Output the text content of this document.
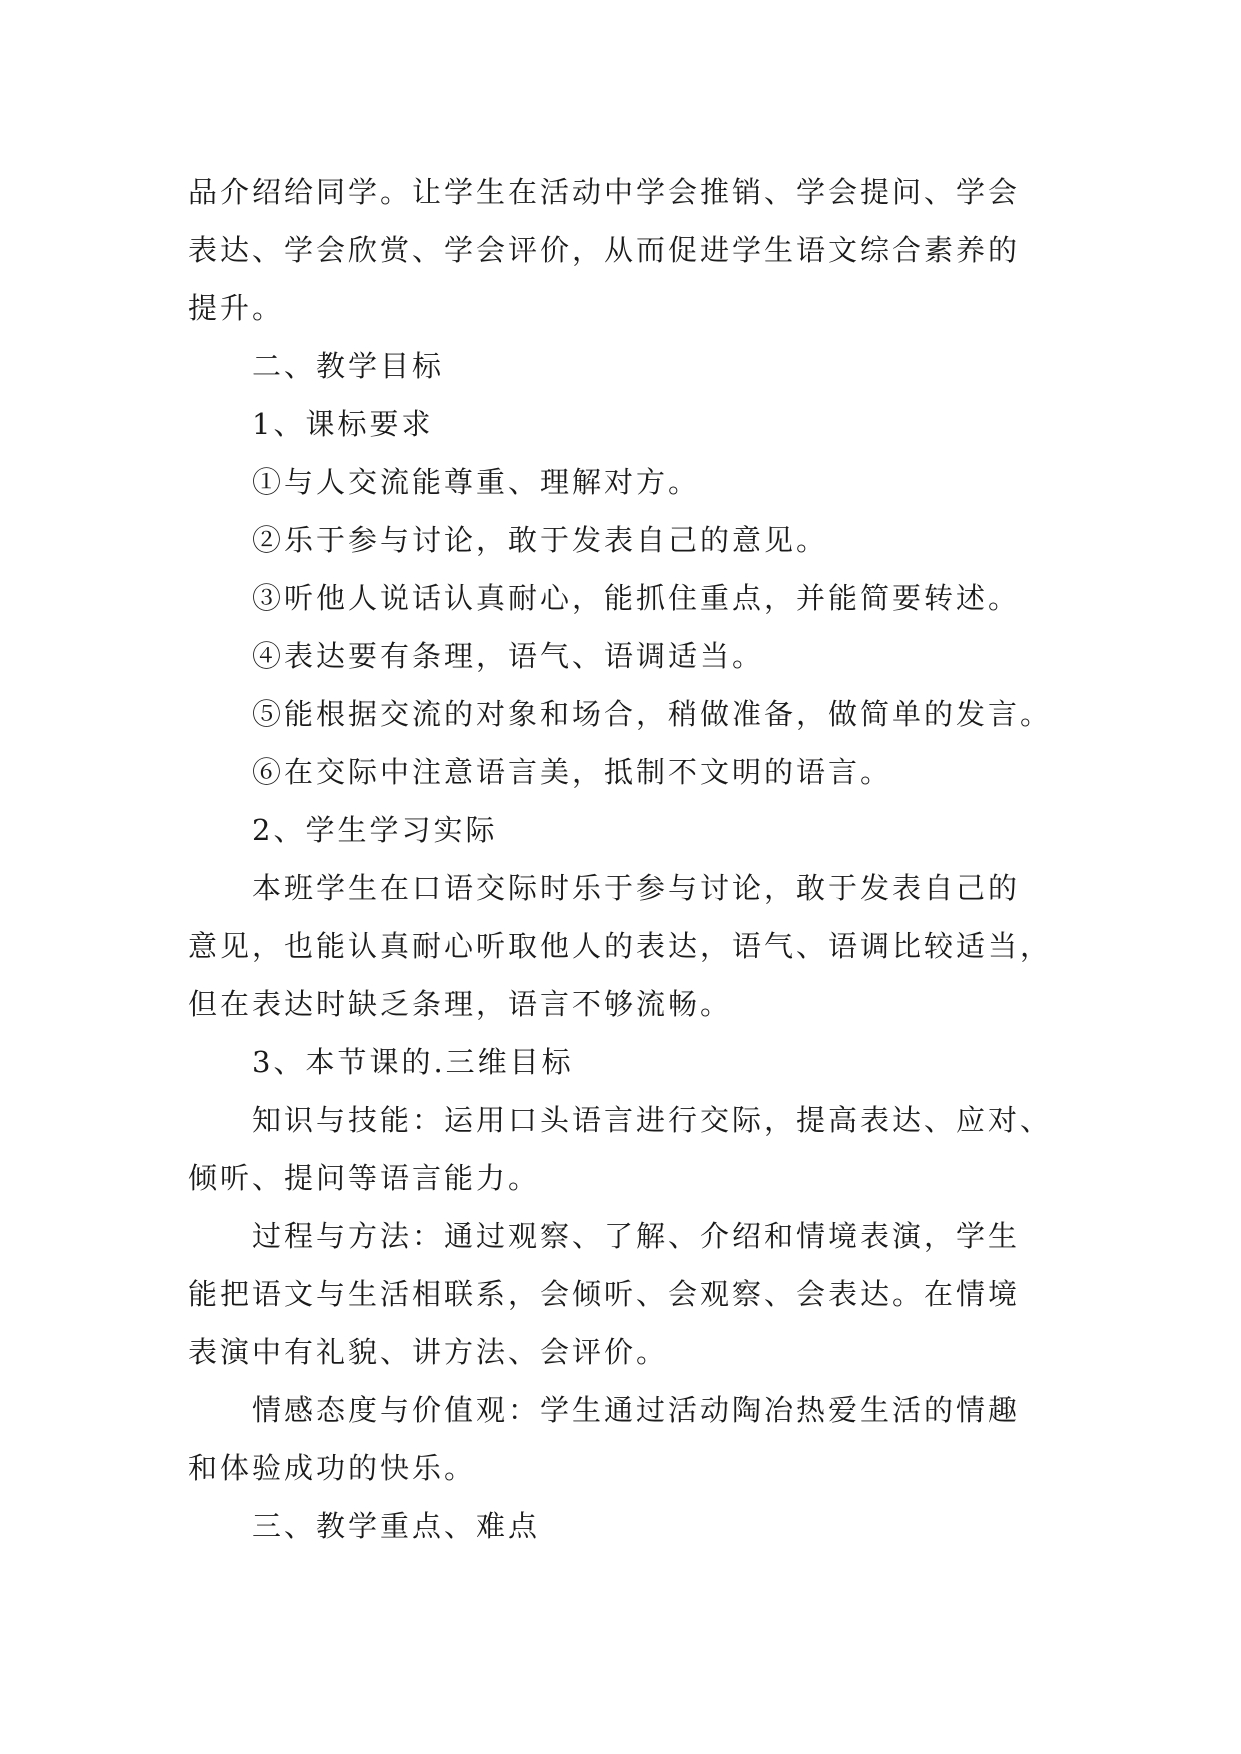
品介绍给同学。让学生在活动中学会推销、学会提问、学会
表达、学会欣赏、学会评价，从而促进学生语文综合素养的
提升。
二、教学目标
1、课标要求
①与人交流能尊重、理解对方。
②乐于参与讨论，敢于发表自己的意见。
③听他人说话认真耐心，能抓住重点，并能简要转述。
④表达要有条理，语气、语调适当。
⑤能根据交流的对象和场合，稍做准备，做简单的发言。
⑥在交际中注意语言美，抵制不文明的语言。
2、学生学习实际
本班学生在口语交际时乐于参与讨论，敢于发表自己的
意见，也能认真耐心听取他人的表达，语气、语调比较适当，
但在表达时缺乏条理，语言不够流畅。
3、本节课的.三维目标
知识与技能：运用口头语言进行交际，提高表达、应对、
倾听、提问等语言能力。
过程与方法：通过观察、了解、介绍和情境表演，学生
能把语文与生活相联系，会倾听、会观察、会表达。在情境
表演中有礼貌、讲方法、会评价。
情感态度与价值观：学生通过活动陶冶热爱生活的情趣
和体验成功的快乐。
三、教学重点、难点
